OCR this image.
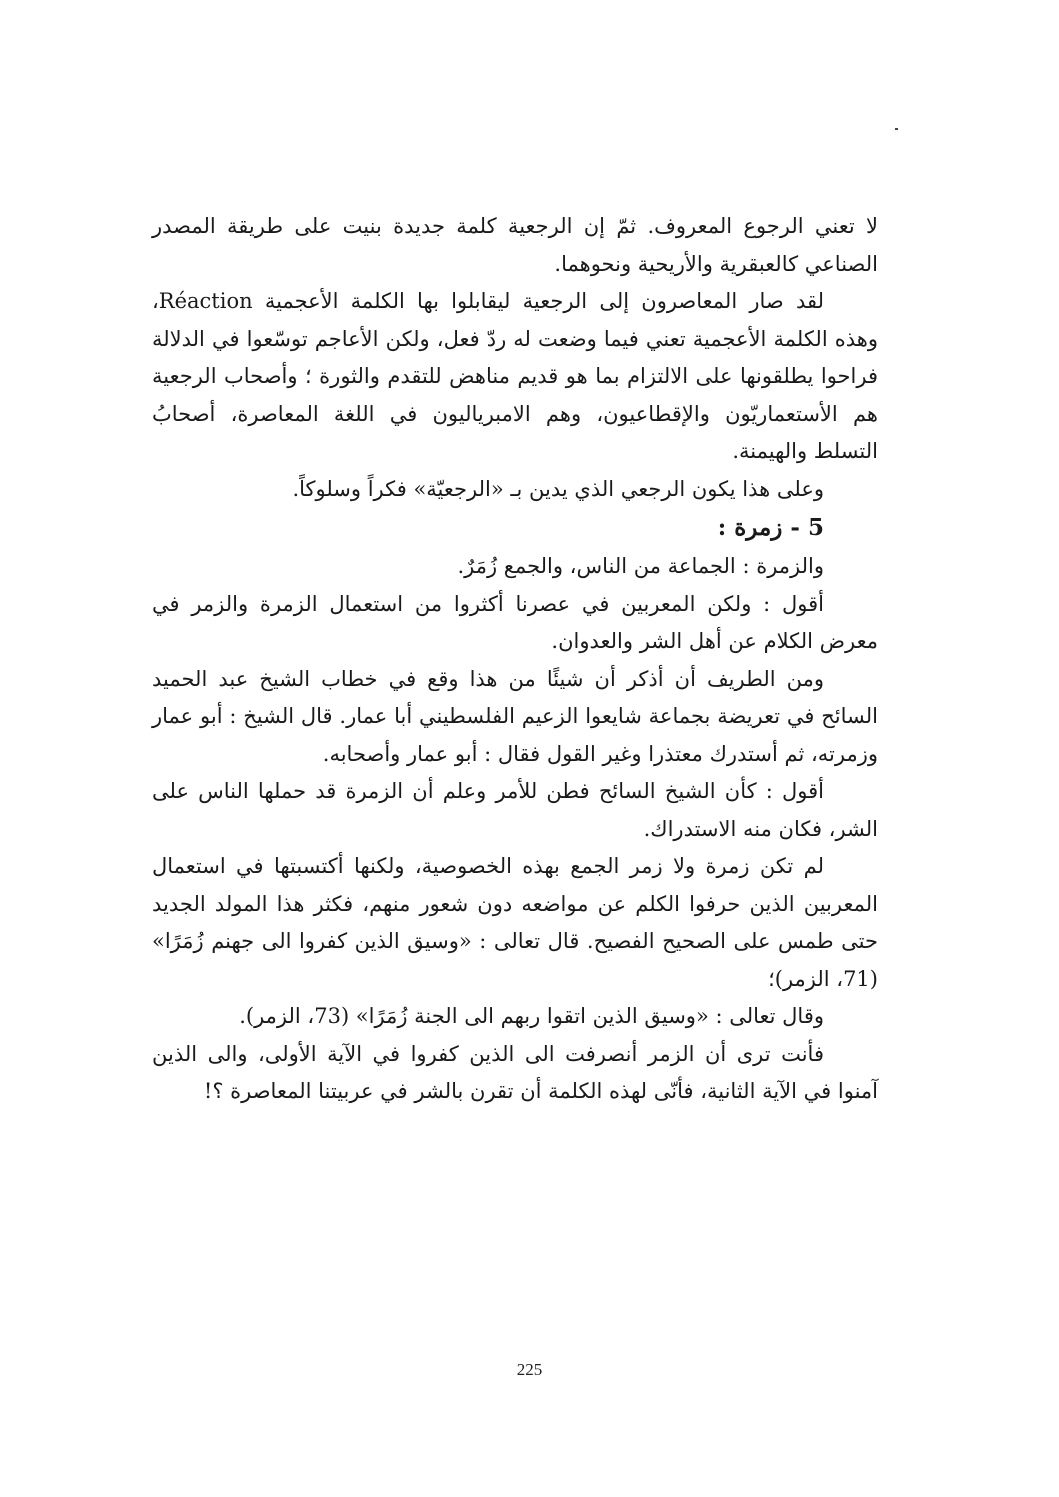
لا تعني الرجوع المعروف. ثمّ إن الرجعية كلمة جديدة بنيت على طريقة المصدر الصناعي كالعبقرية والأريحية ونحوهما.

لقد صار المعاصرون إلى الرجعية ليقابلوا بها الكلمة الأعجمية Réaction، وهذه الكلمة الأعجمية تعني فيما وضعت له ردّ فعل، ولكن الأعاجم توسّعوا في الدلالة فراحوا يطلقونها على الالتزام بما هو قديم مناهض للتقدم والثورة ؛ وأصحاب الرجعية هم الأستعماريّون والإقطاعيون، وهم الامبرياليون في اللغة المعاصرة، أصحابُ التسلط والهيمنة.

وعلى هذا يكون الرجعي الذي يدين بـ «الرجعيّة» فكراً وسلوكاً.

5 - زمرة :

والزمرة : الجماعة من الناس، والجمع زُمَرٌ.

أقول : ولكن المعربين في عصرنا أكثروا من استعمال الزمرة والزمر في معرض الكلام عن أهل الشر والعدوان.

ومن الطريف أن أذكر أن شيئًا من هذا وقع في خطاب الشيخ عبد الحميد السائح في تعريضة بجماعة شايعوا الزعيم الفلسطيني أبا عمار. قال الشيخ : أبو عمار وزمرته، ثم أستدرك معتذرا وغير القول فقال : أبو عمار وأصحابه.

أقول : كأن الشيخ السائح فطن للأمر وعلم أن الزمرة قد حملها الناس على الشر، فكان منه الاستدراك.

لم تكن زمرة ولا زمر الجمع بهذه الخصوصية، ولكنها أكتسبتها في استعمال المعربين الذين حرفوا الكلم عن مواضعه دون شعور منهم، فكثر هذا المولد الجديد حتى طمس على الصحيح الفصيح. قال تعالى : «وسيق الذين كفروا الى جهنم زُمَرًا» (71، الزمر)؛

وقال تعالى : «وسيق الذين اتقوا ربهم الى الجنة زُمَرًا» (73، الزمر).

فأنت ترى أن الزمر أنصرفت الى الذين كفروا في الآية الأولى، والى الذين آمنوا في الآية الثانية، فأنّى لهذه الكلمة أن تقرن بالشر في عربيتنا المعاصرة ؟!

225
